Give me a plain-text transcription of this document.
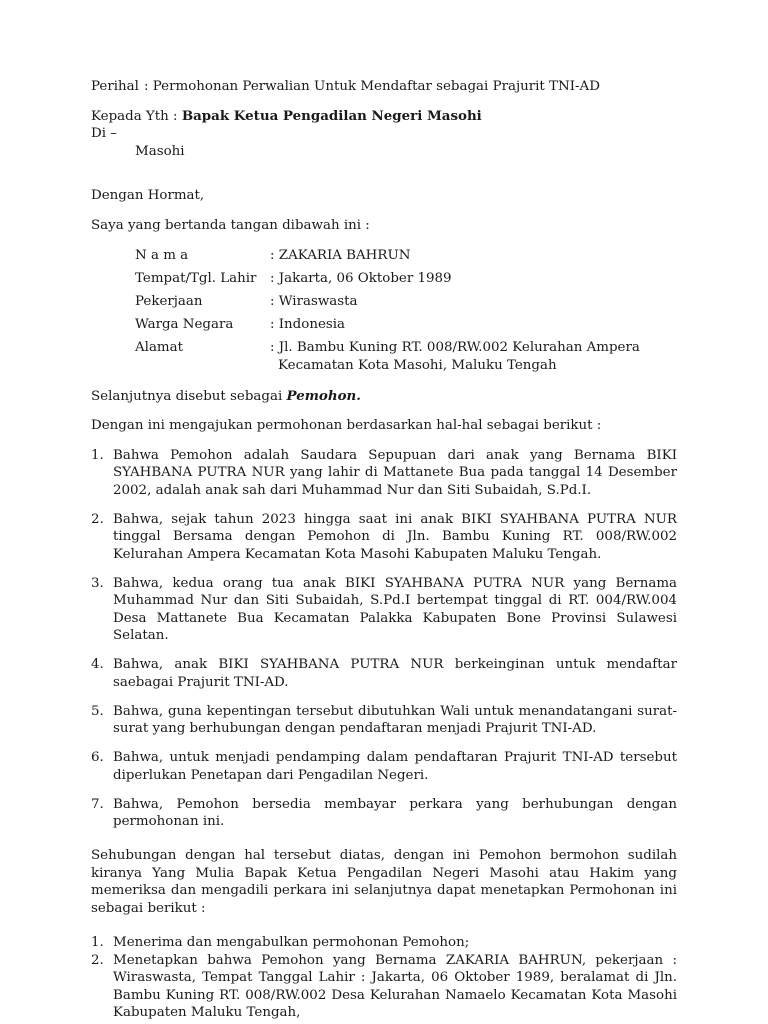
Perihal : Permohonan Perwalian Untuk Mendaftar sebagai Prajurit TNI-AD
Kepada Yth : Bapak Ketua Pengadilan Negeri Masohi
Di –
Masohi
Dengan Hormat,
Saya yang bertanda tangan dibawah ini :
N a m a	: ZAKARIA BAHRUN
Tempat/Tgl. Lahir	: Jakarta, 06 Oktober 1989
Pekerjaan	: Wiraswasta
Warga Negara	: Indonesia
Alamat	: Jl. Bambu Kuning RT. 008/RW.002 Kelurahan Ampera
Kecamatan Kota Masohi, Maluku Tengah
Selanjutnya disebut sebagai Pemohon.
Dengan ini mengajukan permohonan berdasarkan hal-hal sebagai berikut :
1. Bahwa Pemohon adalah Saudara Sepupuan dari anak yang Bernama BIKI SYAHBANA PUTRA NUR yang lahir di Mattanete Bua pada tanggal 14 Desember 2002, adalah anak sah dari Muhammad Nur dan Siti Subaidah, S.Pd.I.
2. Bahwa, sejak tahun 2023 hingga saat ini anak BIKI SYAHBANA PUTRA NUR tinggal Bersama dengan Pemohon di Jln. Bambu Kuning RT. 008/RW.002 Kelurahan Ampera Kecamatan Kota Masohi Kabupaten Maluku Tengah.
3. Bahwa, kedua orang tua anak BIKI SYAHBANA PUTRA NUR yang Bernama Muhammad Nur dan Siti Subaidah, S.Pd.I bertempat tinggal di RT. 004/RW.004 Desa Mattanete Bua Kecamatan Palakka Kabupaten Bone Provinsi Sulawesi Selatan.
4. Bahwa, anak BIKI SYAHBANA PUTRA NUR berkeinginan untuk mendaftar saebagai Prajurit TNI-AD.
5. Bahwa, guna kepentingan tersebut dibutuhkan Wali untuk menandatangani surat-surat yang berhubungan dengan pendaftaran menjadi Prajurit TNI-AD.
6. Bahwa, untuk menjadi pendamping dalam pendaftaran Prajurit TNI-AD tersebut diperlukan Penetapan dari Pengadilan Negeri.
7. Bahwa, Pemohon bersedia membayar perkara yang berhubungan dengan permohonan ini.
Sehubungan dengan hal tersebut diatas, dengan ini Pemohon bermohon sudilah kiranya Yang Mulia Bapak Ketua Pengadilan Negeri Masohi atau Hakim yang memeriksa dan mengadili perkara ini selanjutnya dapat menetapkan Permohonan ini sebagai berikut :
1. Menerima dan mengabulkan permohonan Pemohon;
2. Menetapkan bahwa Pemohon yang Bernama ZAKARIA BAHRUN, pekerjaan : Wiraswasta, Tempat Tanggal Lahir : Jakarta, 06 Oktober 1989, beralamat di Jln. Bambu Kuning RT. 008/RW.002 Desa Kelurahan Namaelo Kecamatan Kota Masohi Kabupaten Maluku Tengah,
